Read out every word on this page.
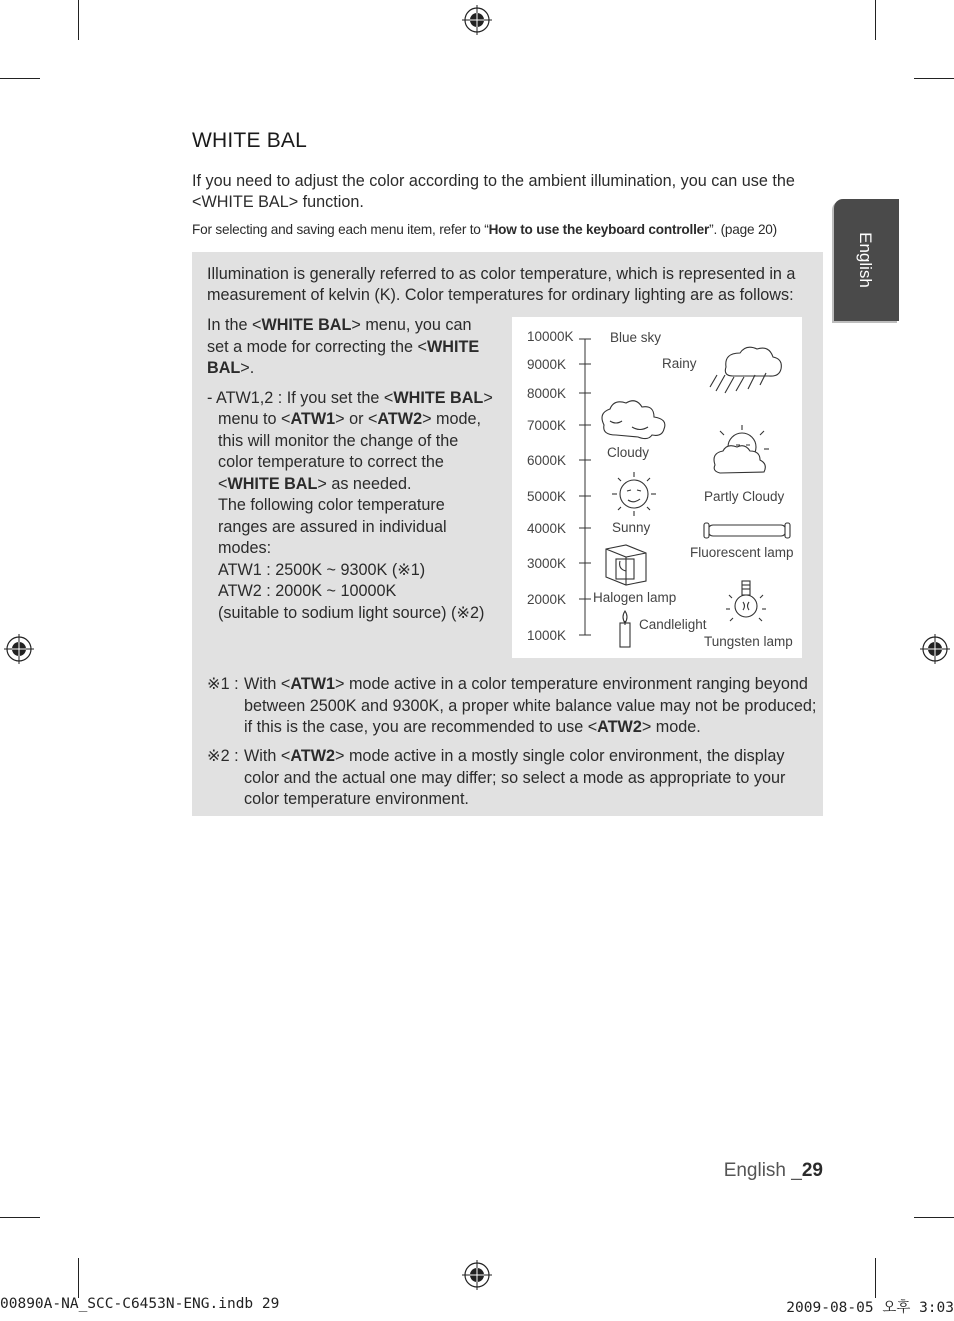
English
WHITE BAL

If you need to adjust the color according to the ambient illumination, you can use the <WHITE BAL> function.

For selecting and saving each menu item, refer to “How to use the keyboard controller”. (page 20)

Illumination is generally referred to as color temperature, which is represented in a measurement of kelvin (K). Color temperatures for ordinary lighting are as follows:

In the <WHITE BAL> menu, you can set a mode for correcting the <WHITE BAL>.

- ATW1,2 : If you set the <WHITE BAL> menu to <ATW1> or <ATW2> mode, this will monitor the change of the color temperature to correct the <WHITE BAL> as needed.

The following color temperature ranges are assured in individual modes:

ATW1 : 2500K ~ 9300K (※1)

ATW2 : 2000K ~ 10000K

(suitable to sodium light source) (※2)

10000K
9000K
8000K
7000K
6000K
5000K
4000K
3000K
2000K
1000K
Blue sky
Rainy
Cloudy
Partly Cloudy
Sunny
Fluorescent lamp
Halogen lamp
Candlelight
Tungsten lamp
※1 : With <ATW1> mode active in a color temperature environment ranging beyond between 2500K and 9300K, a proper white balance value may not be produced; if this is the case, you are recommended to use <ATW2> mode.

※2 : With <ATW2> mode active in a mostly single color environment, the display color and the actual one may differ; so select a mode as appropriate to your color temperature environment.

English _29
00890A-NA_SCC-C6453N-ENG.indb 29	2009-08-05 오후 3:03
